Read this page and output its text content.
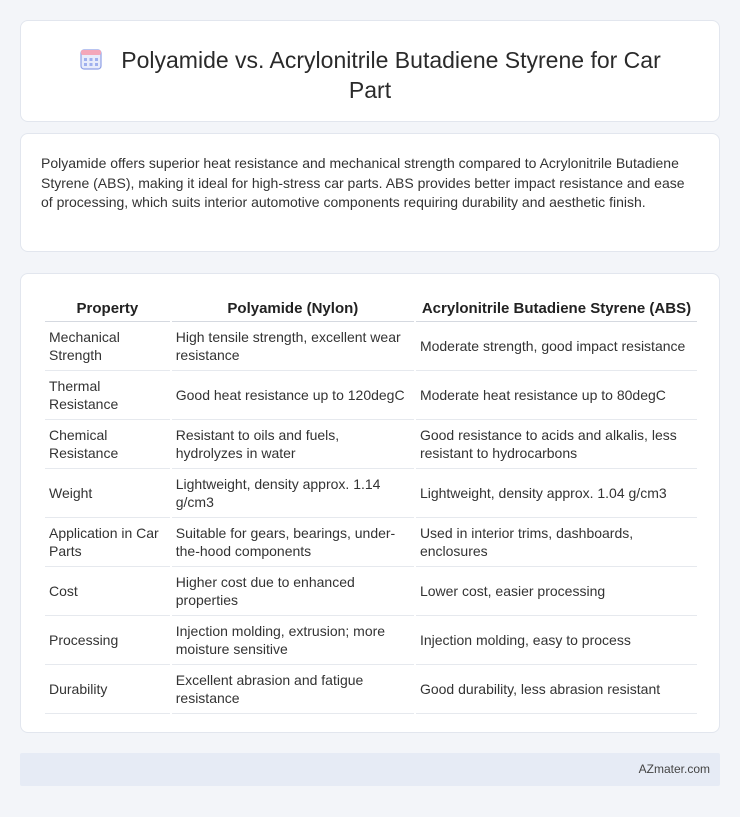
Polyamide vs. Acrylonitrile Butadiene Styrene for Car Part

Polyamide offers superior heat resistance and mechanical strength compared to Acrylonitrile Butadiene Styrene (ABS), making it ideal for high-stress car parts. ABS provides better impact resistance and ease of processing, which suits interior automotive components requiring durability and aesthetic finish.

Property	Polyamide (Nylon)	Acrylonitrile Butadiene Styrene (ABS)
Mechanical Strength	High tensile strength, excellent wear resistance	Moderate strength, good impact resistance
Thermal Resistance	Good heat resistance up to 120degC	Moderate heat resistance up to 80degC
Chemical Resistance	Resistant to oils and fuels, hydrolyzes in water	Good resistance to acids and alkalis, less resistant to hydrocarbons
Weight	Lightweight, density approx. 1.14 g/cm3	Lightweight, density approx. 1.04 g/cm3
Application in Car Parts	Suitable for gears, bearings, under-the-hood components	Used in interior trims, dashboards, enclosures
Cost	Higher cost due to enhanced properties	Lower cost, easier processing
Processing	Injection molding, extrusion; more moisture sensitive	Injection molding, easy to process
Durability	Excellent abrasion and fatigue resistance	Good durability, less abrasion resistant
AZmater.com
